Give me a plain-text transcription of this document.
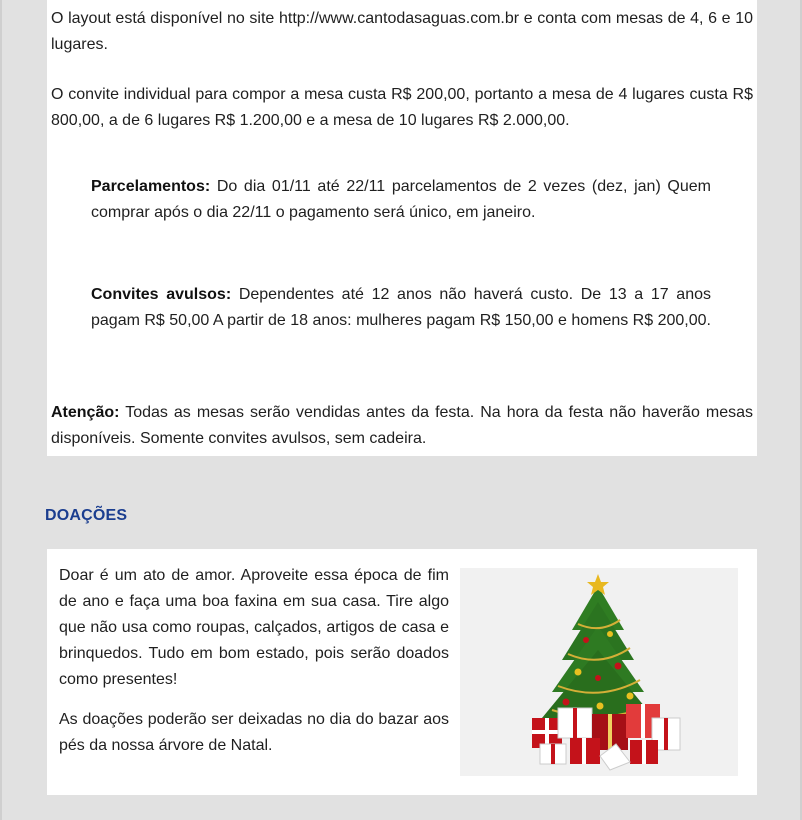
O layout está disponível no site http://www.cantodasaguas.com.br e conta com mesas de 4, 6 e 10 lugares.

O convite individual para compor a mesa custa R$ 200,00, portanto a mesa de 4 lugares custa R$ 800,00, a de 6 lugares R$ 1.200,00 e a mesa de 10 lugares R$ 2.000,00.

Parcelamentos: Do dia 01/11 até 22/11 parcelamentos de 2 vezes (dez, jan) Quem comprar após o dia 22/11 o pagamento será único, em janeiro.

Convites avulsos: Dependentes até 12 anos não haverá custo. De 13 a 17 anos pagam R$ 50,00 A partir de 18 anos: mulheres pagam R$ 150,00 e homens R$ 200,00.

Atenção: Todas as mesas serão vendidas antes da festa. Na hora da festa não haverão mesas disponíveis. Somente convites avulsos, sem cadeira.

DOAÇÕES

Doar é um ato de amor. Aproveite essa época de fim de ano e faça uma boa faxina em sua casa. Tire algo que não usa como roupas, calçados, artigos de casa e brinquedos. Tudo em bom estado, pois serão doados como presentes!

As doações poderão ser deixadas no dia do bazar aos pés da nossa árvore de Natal.
